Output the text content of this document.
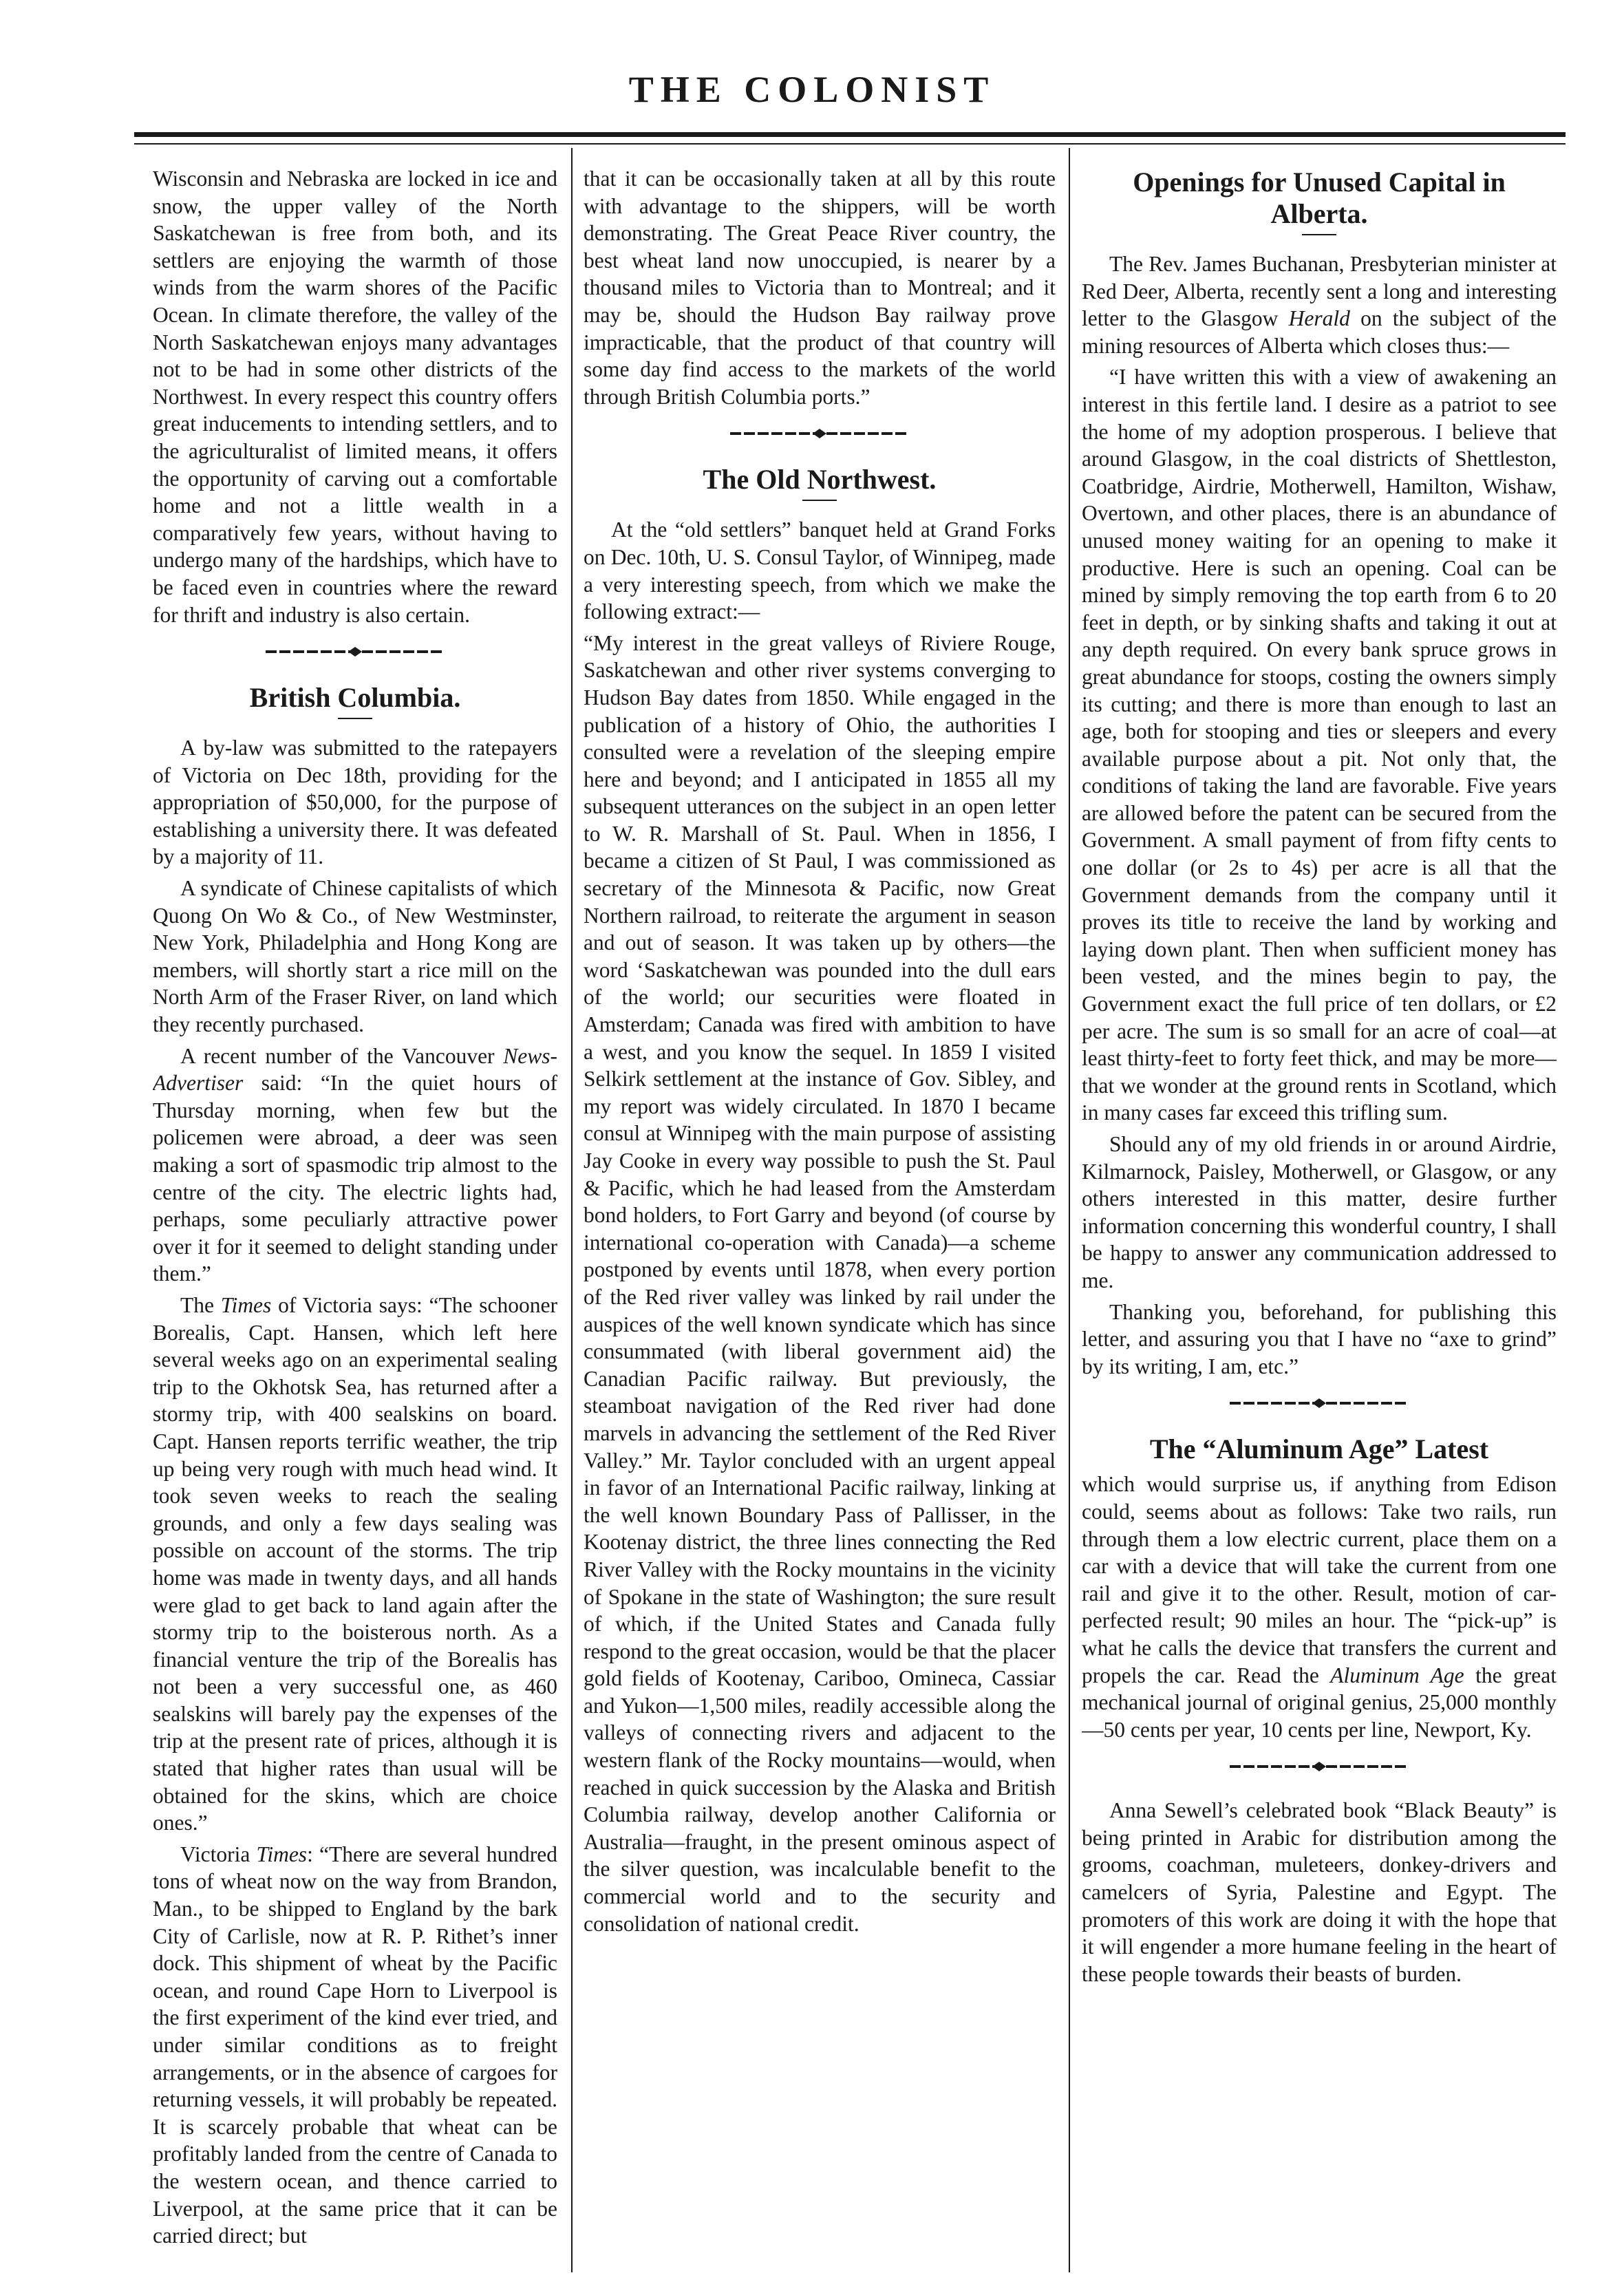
THE COLONIST

Wisconsin and Nebraska are locked in ice and snow, the upper valley of the North Saskatchewan is free from both, and its settlers are enjoying the warmth of those winds from the warm shores of the Pacific Ocean. In climate therefore, the valley of the North Saskatchewan enjoys many advantages not to be had in some other districts of the Northwest. In every respect this country offers great inducements to intending settlers, and to the agriculturalist of limited means, it offers the opportunity of carving out a comfortable home and not a little wealth in a comparatively few years, without having to undergo many of the hardships, which have to be faced even in countries where the reward for thrift and industry is also certain.

British Columbia.

A by-law was submitted to the ratepayers of Victoria on Dec 18th, providing for the appropriation of $50,000, for the purpose of establishing a university there. It was defeated by a majority of 11.

A syndicate of Chinese capitalists of which Quong On Wo & Co., of New Westminster, New York, Philadelphia and Hong Kong are members, will shortly start a rice mill on the North Arm of the Fraser River, on land which they recently purchased.

A recent number of the Vancouver News-Advertiser said: “In the quiet hours of Thursday morning, when few but the policemen were abroad, a deer was seen making a sort of spasmodic trip almost to the centre of the city. The electric lights had, perhaps, some peculiarly attractive power over it for it seemed to delight standing under them.”

The Times of Victoria says: “The schooner Borealis, Capt. Hansen, which left here several weeks ago on an experimental sealing trip to the Okhotsk Sea, has returned after a stormy trip, with 400 sealskins on board. Capt. Hansen reports terrific weather, the trip up being very rough with much head wind. It took seven weeks to reach the sealing grounds, and only a few days sealing was possible on account of the storms. The trip home was made in twenty days, and all hands were glad to get back to land again after the stormy trip to the boisterous north. As a financial venture the trip of the Borealis has not been a very successful one, as 460 sealskins will barely pay the expenses of the trip at the present rate of prices, although it is stated that higher rates than usual will be obtained for the skins, which are choice ones.”

Victoria Times: “There are several hundred tons of wheat now on the way from Brandon, Man., to be shipped to England by the bark City of Carlisle, now at R. P. Rithet’s inner dock. This shipment of wheat by the Pacific ocean, and round Cape Horn to Liverpool is the first experiment of the kind ever tried, and under similar conditions as to freight arrangements, or in the absence of cargoes for returning vessels, it will probably be repeated. It is scarcely probable that wheat can be profitably landed from the centre of Canada to the western ocean, and thence carried to Liverpool, at the same price that it can be carried direct; but

that it can be occasionally taken at all by this route with advantage to the shippers, will be worth demonstrating. The Great Peace River country, the best wheat land now unoccupied, is nearer by a thousand miles to Victoria than to Montreal; and it may be, should the Hudson Bay railway prove impracticable, that the product of that country will some day find access to the markets of the world through British Columbia ports.”

The Old Northwest.

At the “old settlers” banquet held at Grand Forks on Dec. 10th, U. S. Consul Taylor, of Winnipeg, made a very interesting speech, from which we make the following extract:—

“My interest in the great valleys of Riviere Rouge, Saskatchewan and other river systems converging to Hudson Bay dates from 1850. While engaged in the publication of a history of Ohio, the authorities I consulted were a revelation of the sleeping empire here and beyond; and I anticipated in 1855 all my subsequent utterances on the subject in an open letter to W. R. Marshall of St. Paul. When in 1856, I became a citizen of St Paul, I was commissioned as secretary of the Minnesota & Pacific, now Great Northern railroad, to reiterate the argument in season and out of season. It was taken up by others—the word ‘Saskatchewan was pounded into the dull ears of the world; our securities were floated in Amsterdam; Canada was fired with ambition to have a west, and you know the sequel. In 1859 I visited Selkirk settlement at the instance of Gov. Sibley, and my report was widely circulated. In 1870 I became consul at Winnipeg with the main purpose of assisting Jay Cooke in every way possible to push the St. Paul & Pacific, which he had leased from the Amsterdam bond holders, to Fort Garry and beyond (of course by international co-operation with Canada)—a scheme postponed by events until 1878, when every portion of the Red river valley was linked by rail under the auspices of the well known syndicate which has since consummated (with liberal government aid) the Canadian Pacific railway. But previously, the steamboat navigation of the Red river had done marvels in advancing the settlement of the Red River Valley.” Mr. Taylor concluded with an urgent appeal in favor of an International Pacific railway, linking at the well known Boundary Pass of Pallisser, in the Kootenay district, the three lines connecting the Red River Valley with the Rocky mountains in the vicinity of Spokane in the state of Washington; the sure result of which, if the United States and Canada fully respond to the great occasion, would be that the placer gold fields of Kootenay, Cariboo, Omineca, Cassiar and Yukon—1,500 miles, readily accessible along the valleys of connecting rivers and adjacent to the western flank of the Rocky mountains—would, when reached in quick succession by the Alaska and British Columbia railway, develop another California or Australia—fraught, in the present ominous aspect of the silver question, was incalculable benefit to the commercial world and to the security and consolidation of national credit.

Openings for Unused Capital in
Alberta.

The Rev. James Buchanan, Presbyterian minister at Red Deer, Alberta, recently sent a long and interesting letter to the Glasgow Herald on the subject of the mining resources of Alberta which closes thus:—

“I have written this with a view of awakening an interest in this fertile land. I desire as a patriot to see the home of my adoption prosperous. I believe that around Glasgow, in the coal districts of Shettleston, Coatbridge, Airdrie, Motherwell, Hamilton, Wishaw, Overtown, and other places, there is an abundance of unused money waiting for an opening to make it productive. Here is such an opening. Coal can be mined by simply removing the top earth from 6 to 20 feet in depth, or by sinking shafts and taking it out at any depth required. On every bank spruce grows in great abundance for stoops, costing the owners simply its cutting; and there is more than enough to last an age, both for stooping and ties or sleepers and every available purpose about a pit. Not only that, the conditions of taking the land are favorable. Five years are allowed before the patent can be secured from the Government. A small payment of from fifty cents to one dollar (or 2s to 4s) per acre is all that the Government demands from the company until it proves its title to receive the land by working and laying down plant. Then when sufficient money has been vested, and the mines begin to pay, the Government exact the full price of ten dollars, or £2 per acre. The sum is so small for an acre of coal—at least thirty-feet to forty feet thick, and may be more—that we wonder at the ground rents in Scotland, which in many cases far exceed this trifling sum.

Should any of my old friends in or around Airdrie, Kilmarnock, Paisley, Motherwell, or Glasgow, or any others interested in this matter, desire further information concerning this wonderful country, I shall be happy to answer any communication addressed to me.

Thanking you, beforehand, for publishing this letter, and assuring you that I have no “axe to grind” by its writing, I am, etc.”

The “Aluminum Age” Latest

which would surprise us, if anything from Edison could, seems about as follows: Take two rails, run through them a low electric current, place them on a car with a device that will take the current from one rail and give it to the other. Result, motion of car-perfected result; 90 miles an hour. The “pick-up” is what he calls the device that transfers the current and propels the car. Read the Aluminum Age the great mechanical journal of original genius, 25,000 monthly—50 cents per year, 10 cents per line, Newport, Ky.

Anna Sewell’s celebrated book “Black Beauty” is being printed in Arabic for distribution among the grooms, coachman, muleteers, donkey-drivers and camelcers of Syria, Palestine and Egypt. The promoters of this work are doing it with the hope that it will engender a more humane feeling in the heart of these people towards their beasts of burden.
